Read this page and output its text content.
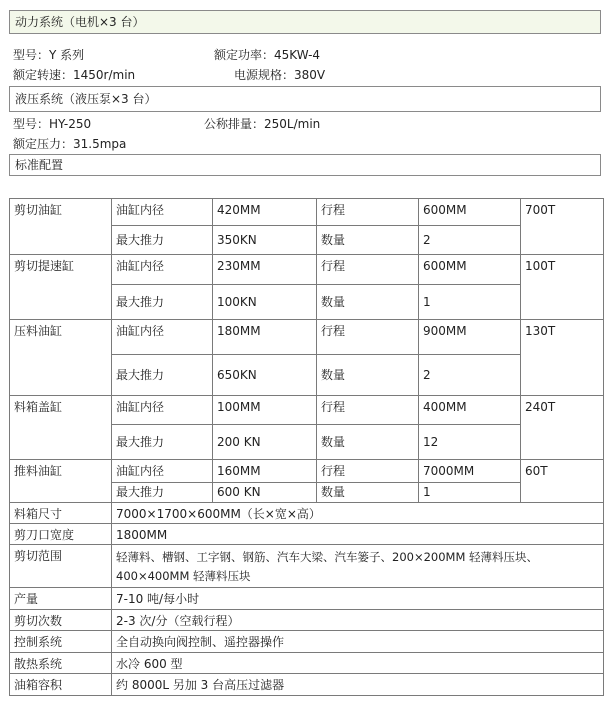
动力系统（电机×3 台）
型号：Y 系列	额定功率：45KW-4
额定转速：1450r/min	电源规格：380V
液压系统（液压泵×3 台）
型号：HY-250	公称排量：250L/min
额定压力：31.5mpa
标准配置
剪切油缸	油缸内径	420MM	行程	600MM	700T
	最大推力	350KN	数量	2	
剪切提速缸	油缸内径	230MM	行程	600MM	100T
	最大推力	100KN	数量	1	
压料油缸	油缸内径	180MM	行程	900MM	130T
	最大推力	650KN	数量	2	
料箱盖缸	油缸内径	100MM	行程	400MM	240T
	最大推力	200 KN	数量	12	
推料油缸	油缸内径	160MM	行程	7000MM	60T
	最大推力	600 KN	数量	1	
料箱尺寸	7000×1700×600MM（长×宽×高）				
剪刀口宽度	1800MM				
剪切范围	轻薄料、槽钢、工字钢、钢筋、汽车大梁、汽车篓子、200×200MM 轻薄料压块、400×400MM 轻薄料压块				
产量	7-10 吨/每小时				
剪切次数	2-3 次/分（空载行程）				
控制系统	全自动换向阀控制、遥控器操作				
散热系统	水冷 600 型				
油箱容积	约 8000L 另加 3 台高压过滤器				
